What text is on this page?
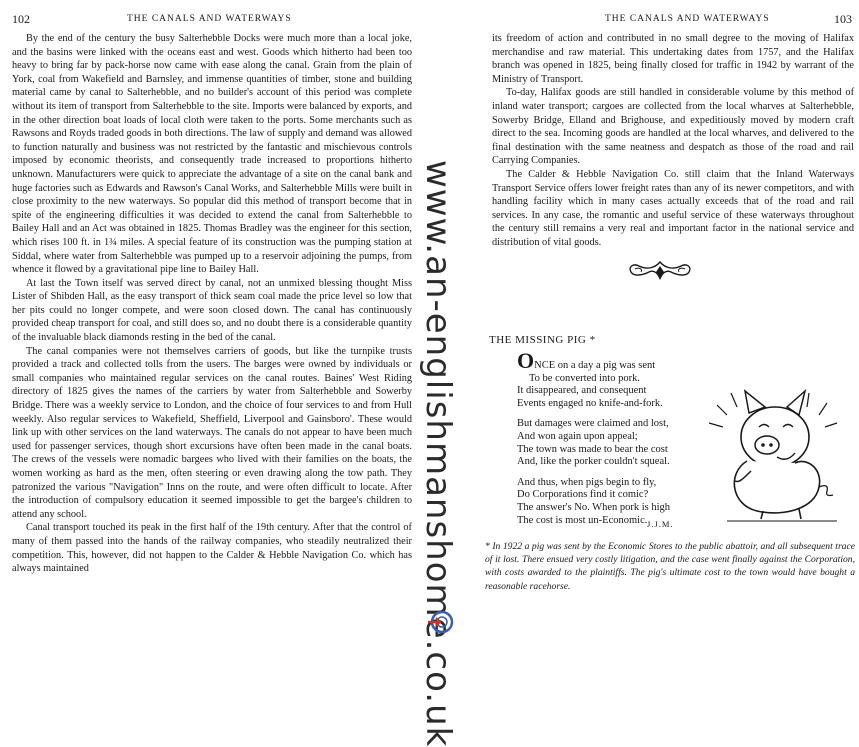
102	THE CANALS AND WATERWAYS

By the end of the century the busy Salterhebble Docks were much more than a local joke, and the basins were linked with the oceans east and west. Goods which hitherto had been too heavy to bring far by pack-horse now came with ease along the canal. Grain from the plain of York, coal from Wakefield and Barnsley, and immense quantities of timber, stone and building material came by canal to Salterhebble, and no builder's account of this period was complete without its item of transport from Salterhebble to the site. Imports were balanced by exports, and in the other direction boat loads of local cloth were taken to the ports. Some merchants such as Rawsons and Royds traded goods in both directions. The law of supply and demand was allowed to function naturally and business was not restricted by the fantastic and mischievous controls imposed by economic theorists, and consequently trade increased to proportions hitherto unknown. Manufacturers were quick to appreciate the advantage of a site on the canal bank and huge factories such as Edwards and Rawson's Canal Works, and Salterhebble Mills were built in close proximity to the new waterways. So popular did this method of transport become that in spite of the engineering difficulties it was decided to extend the canal from Salterhebble to Bailey Hall and an Act was obtained in 1825. Thomas Bradley was the engineer for this section, which rises 100 ft. in 1¾ miles. A special feature of its construction was the pumping station at Siddal, where water from Salterhebble was pumped up to a reservoir adjoining the pumps, from whence it flowed by a gravitational pipe line to Bailey Hall.

At last the Town itself was served direct by canal, not an unmixed blessing thought Miss Lister of Shibden Hall, as the easy transport of thick seam coal made the price level so low that her pits could no longer compete, and were soon closed down. The canal has continuously provided cheap transport for coal, and still does so, and no doubt there is a considerable quantity of the invaluable black diamonds resting in the bed of the canal.

The canal companies were not themselves carriers of goods, but like the turnpike trusts provided a track and collected tolls from the users. The barges were owned by individuals or small companies who maintained regular services on the canal routes. Baines' West Riding directory of 1825 gives the names of the carriers by water from Salterhebble and Sowerby Bridge. There was a weekly service to London, and the choice of four services to and from Hull weekly. Also regular services to Wakefield, Sheffield, Liverpool and Gainsboro'. These would link up with other services on the land waterways. The canals do not appear to have been much used for passenger services, though short excursions have often been made in the canal boats. The crews of the vessels were nomadic bargees who lived with their families on the boats, the women working as hard as the men, often steering or even drawing along the tow path. They patronized the various "Navigation" Inns on the route, and were often difficult to locate. After the introduction of compulsory education it seemed impossible to get the bargee's children to attend any school.

Canal transport touched its peak in the first half of the 19th century. After that the control of many of them passed into the hands of the railway companies, who steadily neutralized their competition. This, however, did not happen to the Calder & Hebble Navigation Co. which has always maintained

THE CANALS AND WATERWAYS	103

its freedom of action and contributed in no small degree to the moving of Halifax merchandise and raw material. This undertaking dates from 1757, and the Halifax branch was opened in 1825, being finally closed for traffic in 1942 by warrant of the Ministry of Transport.

To-day, Halifax goods are still handled in considerable volume by this method of inland water transport; cargoes are collected from the local wharves at Salterhebble, Sowerby Bridge, Elland and Brighouse, and expeditiously moved by modern craft direct to the sea. Incoming goods are handled at the local wharves, and delivered to the final destination with the same neatness and despatch as those of the road and rail Carrying Companies.

The Calder & Hebble Navigation Co. still claim that the Inland Waterways Transport Service offers lower freight rates than any of its newer competitors, and with handling facility which in many cases actually exceeds that of the road and rail services. In any case, the romantic and useful service of these waterways throughout the century still remains a very real and important factor in the national service and distribution of vital goods.

THE MISSING PIG *
ONCE on a day a pig was sent
To be converted into pork.
It disappeared, and consequent
Events engaged no knife-and-fork.
But damages were claimed and lost,
And won again upon appeal;
The town was made to bear the cost
And, like the porker couldn't squeal.
And thus, when pigs begin to fly,
Do Corporations find it comic?
The answer's No. When pork is high
The cost is most un-Economic. J.J.M.
* In 1922 a pig was sent by the Economic Stores to the public abattoir, and all subsequent trace of it lost. There ensued very costly litigation, and the case went finally against the Corporation, with costs awarded to the plaintiffs. The pig's ultimate cost to the town would have bought a reasonable racehorse.
www.an-englishmanshome.co.uk
